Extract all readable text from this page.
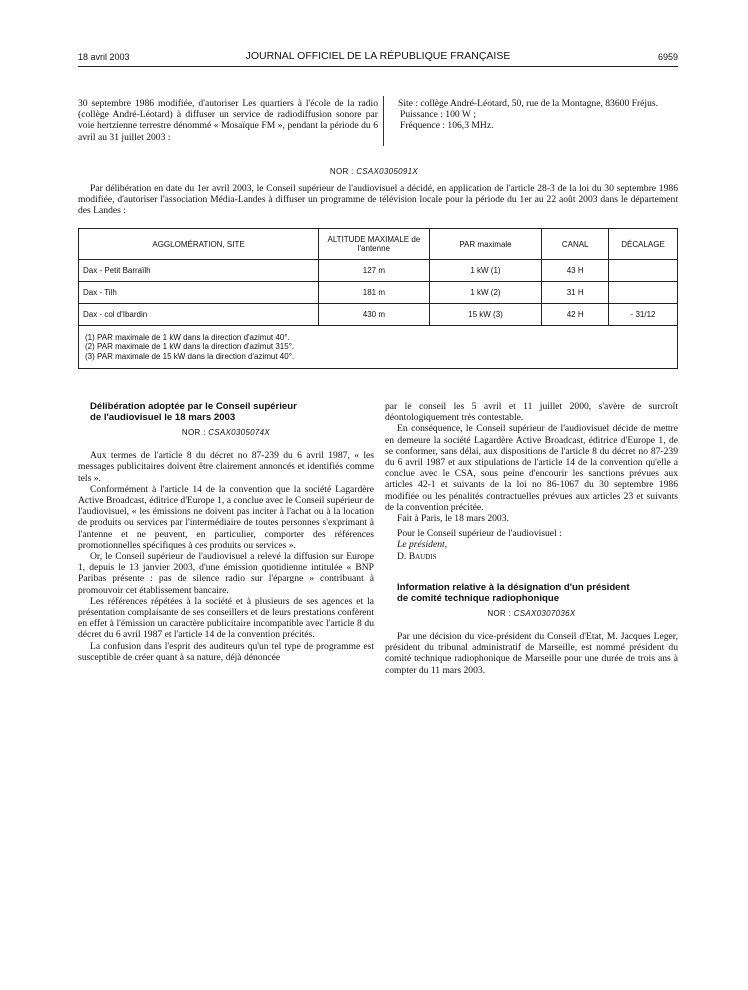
18 avril 2003	JOURNAL OFFICIEL DE LA RÉPUBLIQUE FRANÇAISE	6959
30 septembre 1986 modifiée, d'autoriser Les quartiers à l'école de la radio (collège André-Léotard) à diffuser un service de radiodiffusion sonore par voie hertzienne terrestre dénommé « Mosaïque FM », pendant la période du 6 avril au 31 juillet 2003 :

Site : collège André-Léotard, 50, rue de la Montagne, 83600 Fréjus.

Puissance : 100 W ;

Fréquence : 106,3 MHz.

NOR : CSAX0305091X

Par délibération en date du 1er avril 2003, le Conseil supérieur de l'audiovisuel a décidé, en application de l'article 28-3 de la loi du 30 septembre 1986 modifiée, d'autoriser l'association Média-Landes à diffuser un programme de télévision locale pour la période du 1er au 22 août 2003 dans le département des Landes :

AGGLOMÉRATION, SITE	ALTITUDE MAXIMALE de l'antenne	PAR maximale	CANAL	DÉCALAGE
Dax - Petit Barraïlh	127 m	1 kW (1)	43 H	
Dax - Tilh	181 m	1 kW (2)	31 H	
Dax - col d'Ibardin	430 m	15 kW (3)	42 H	- 31/12

(1) PAR maximale de 1 kW dans la direction d'azimut 40°.
(2) PAR maximale de 1 kW dans la direction d'azimut 315°.
(3) PAR maximale de 15 kW dans la direction d'azimut 40°.				

Délibération adoptée par le Conseil supérieur

de l'audiovisuel le 18 mars 2003

NOR : CSAX0305074X

Aux termes de l'article 8 du décret no 87-239 du 6 avril 1987, « les messages publicitaires doivent être clairement annoncés et identifiés comme tels ».

Conformément à l'article 14 de la convention que la société Lagardère Active Broadcast, éditrice d'Europe 1, a conclue avec le Conseil supérieur de l'audiovisuel, « les émissions ne doivent pas inciter à l'achat ou à la location de produits ou services par l'intermédiaire de toutes personnes s'exprimant à l'antenne et ne peuvent, en particulier, comporter des références promotionnelles spécifiques à ces produits ou services ».

Or, le Conseil supérieur de l'audiovisuel a relevé la diffusion sur Europe 1, depuis le 13 janvier 2003, d'une émission quotidienne intitulée « BNP Paribas présente : pas de silence radio sur l'épargne » contribuant à promouvoir cet établissement bancaire.

Les références répétées à la société et à plusieurs de ses agences et la présentation complaisante de ses conseillers et de leurs prestations confèrent en effet à l'émission un caractère publicitaire incompatible avec l'article 8 du décret du 6 avril 1987 et l'article 14 de la convention précités.

La confusion dans l'esprit des auditeurs qu'un tel type de programme est susceptible de créer quant à sa nature, déjà dénoncée

par le conseil les 5 avril et 11 juillet 2000, s'avère de surcroît déontologiquement très contestable.

En conséquence, le Conseil supérieur de l'audiovisuel décide de mettre en demeure la société Lagardère Active Broadcast, éditrice d'Europe 1, de se conformer, sans délai, aux dispositions de l'article 8 du décret no 87-239 du 6 avril 1987 et aux stipulations de l'article 14 de la convention qu'elle a conclue avec le CSA, sous peine d'encourir les sanctions prévues aux articles 42-1 et suivants de la loi no 86-1067 du 30 septembre 1986 modifiée ou les pénalités contractuelles prévues aux articles 23 et suivants de la convention précitée.

Fait à Paris, le 18 mars 2003.

Pour le Conseil supérieur de l'audiovisuel :

Le président,

D. Baudis

Information relative à la désignation d'un président

de comité technique radiophonique

NOR : CSAX0307036X

Par une décision du vice-président du Conseil d'Etat, M. Jacques Leger, président du tribunal administratif de Marseille, est nommé président du comité technique radiophonique de Marseille pour une durée de trois ans à compter du 11 mars 2003.
